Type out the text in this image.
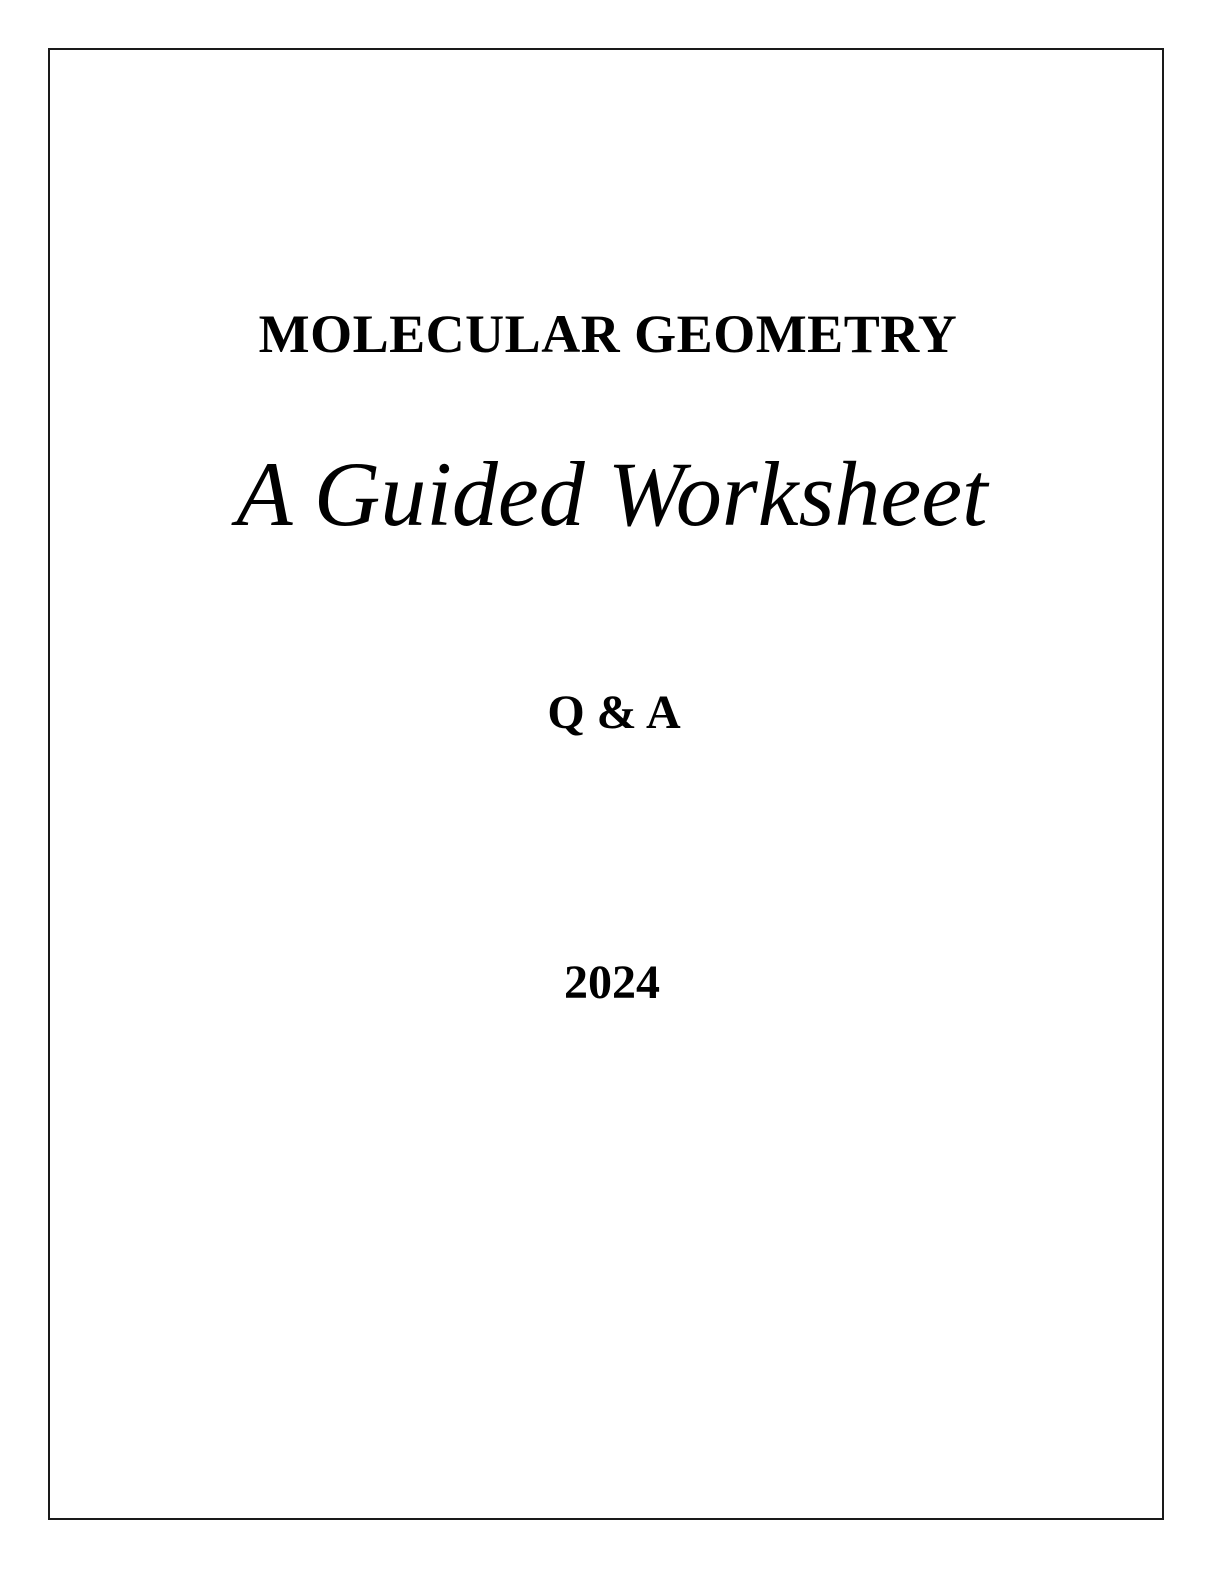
MOLECULAR GEOMETRY
A Guided Worksheet
Q & A
2024
